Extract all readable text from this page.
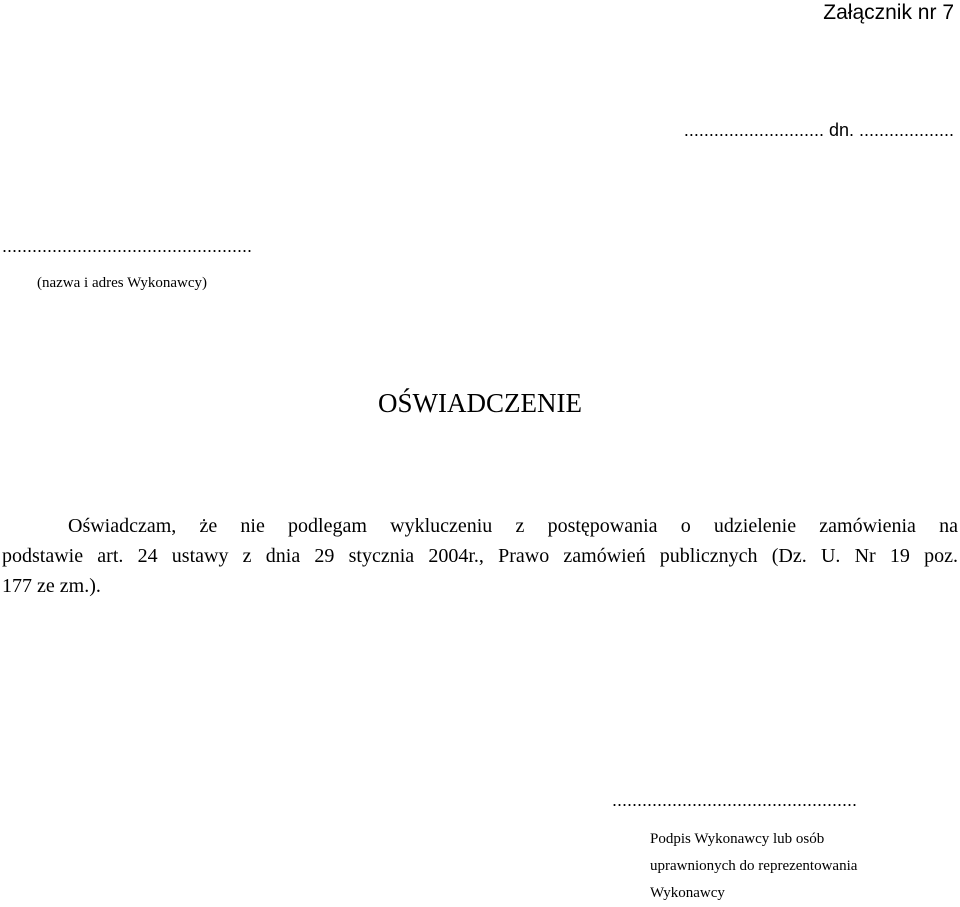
Załącznik nr 7
............................ dn. ...................
..................................................
(nazwa i adres Wykonawcy)
OŚWIADCZENIE
Oświadczam, że nie podlegam wykluczeniu z postępowania o udzielenie zamówienia na
podstawie art. 24 ustawy z dnia 29 stycznia 2004r., Prawo zamówień publicznych (Dz. U. Nr 19 poz.
177 ze zm.).
.................................................
Podpis Wykonawcy lub osób
uprawnionych do reprezentowania
Wykonawcy
